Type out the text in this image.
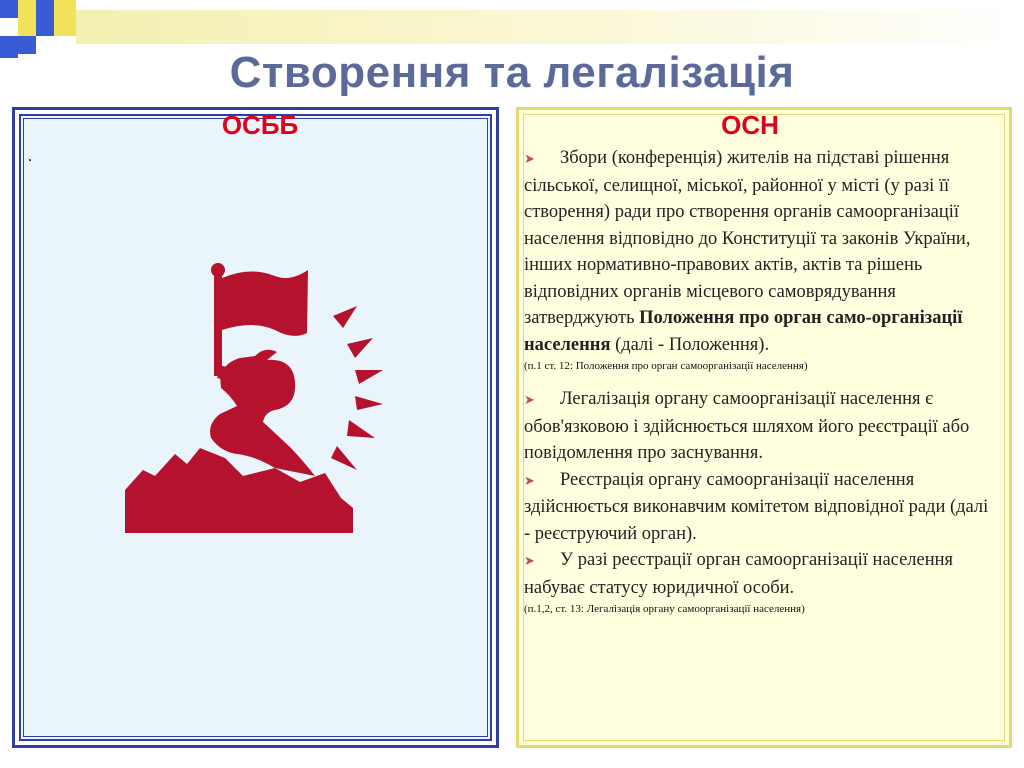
Створення та легалізація
ОСББ
.
ОСН

➤ Збори (конференція) жителів на підставі рішення сільської, селищної, міської, районної у місті (у разі її створення) ради про створення органів самоорганізації населення відповідно до Конституції та законів України, інших нормативно-правових актів, актів та рішень відповідних органів місцевого самоврядування затверджують Положення про орган само-організації населення (далі - Положення).

(п.1 ст. 12: Положення про орган самоорганізації населення)

➤ Легалізація органу самоорганізації населення є обов'язковою і здійснюється шляхом його реєстрації або повідомлення про заснування.

➤ Реєстрація органу самоорганізації населення здійснюється виконавчим комітетом відповідної ради (далі - реєструючий орган).

➤ У разі реєстрації орган самоорганізації населення набуває статусу юридичної особи.

(п.1,2, ст. 13: Легалізація органу самоорганізації населення)
